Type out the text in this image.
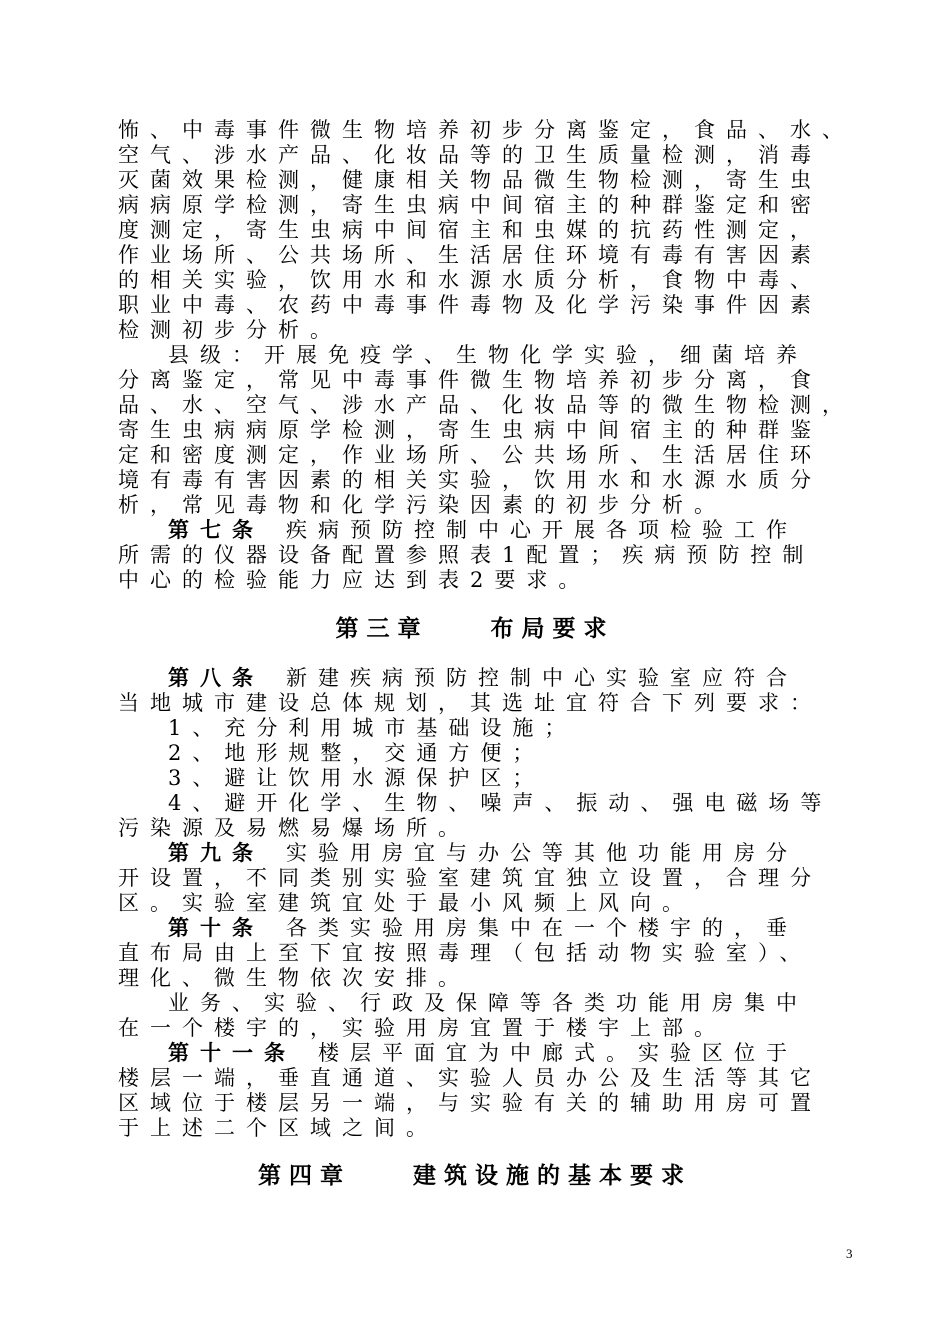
怖、中毒事件微生物培养初步分离鉴定，食品、水、
空气、涉水产品、化妆品等的卫生质量检测，消毒
灭菌效果检测，健康相关物品微生物检测，寄生虫
病病原学检测，寄生虫病中间宿主的种群鉴定和密
度测定，寄生虫病中间宿主和虫媒的抗药性测定，
作业场所、公共场所、生活居住环境有毒有害因素
的相关实验，饮用水和水源水质分析，食物中毒、
职业中毒、农药中毒事件毒物及化学污染事件因素
检测初步分析。
县级：开展免疫学、生物化学实验，细菌培养
分离鉴定，常见中毒事件微生物培养初步分离，食
品、水、空气、涉水产品、化妆品等的微生物检测，
寄生虫病病原学检测，寄生虫病中间宿主的种群鉴
定和密度测定，作业场所、公共场所、生活居住环
境有毒有害因素的相关实验，饮用水和水源水质分
析，常见毒物和化学污染因素的初步分析。
第七条 疾病预防控制中心开展各项检验工作
所需的仪器设备配置参照表1配置；疾病预防控制
中心的检验能力应达到表2要求。
第三章　　布局要求
第八条 新建疾病预防控制中心实验室应符合
当地城市建设总体规划，其选址宜符合下列要求：
1、充分利用城市基础设施；
2、地形规整，交通方便；
3、避让饮用水源保护区；
4、避开化学、生物、噪声、振动、强电磁场等
污染源及易燃易爆场所。
第九条 实验用房宜与办公等其他功能用房分
开设置，不同类别实验室建筑宜独立设置，合理分
区。实验室建筑宜处于最小风频上风向。
第十条 各类实验用房集中在一个楼宇的，垂
直布局由上至下宜按照毒理（包括动物实验室）、
理化、微生物依次安排。
业务、实验、行政及保障等各类功能用房集中
在一个楼宇的，实验用房宜置于楼宇上部。
第十一条 楼层平面宜为中廊式。实验区位于
楼层一端，垂直通道、实验人员办公及生活等其它
区域位于楼层另一端，与实验有关的辅助用房可置
于上述二个区域之间。
第四章　　建筑设施的基本要求
3
